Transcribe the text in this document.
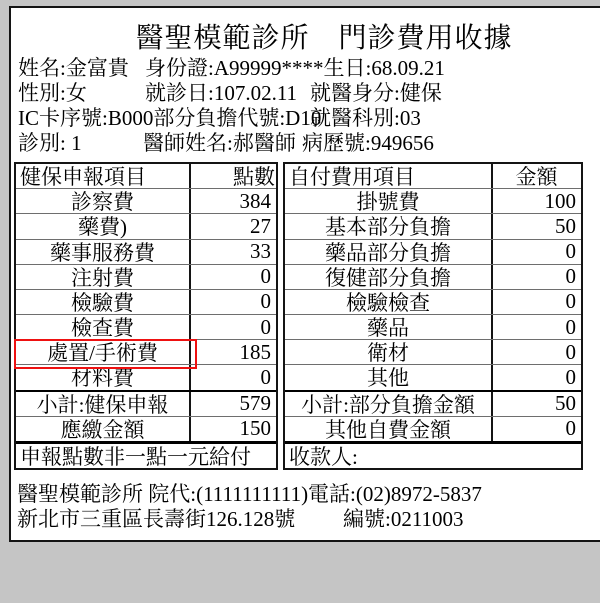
醫聖模範診所　門診費用收據

姓名:金富貴

身份證:A99999****生日:68.09.21

性別:女

	就診日:107.02.11

就醫身分:健保

IC卡序號:B000部分負擔代號:D10

就醫科別:03

診別: 1

	醫師姓名:郝醫師

病歷號:949656

健保申報項目	點數
診察費	384
藥費)	27
藥事服務費	33
注射費	0
檢驗費	0
檢查費	0
處置/手術費	185
材料費	0
小計:健保申報	579
應繳金額	150
申報點數非一點一元給付
自付費用項目	金額
掛號費	100
基本部分負擔	50
藥品部分負擔	0
復健部分負擔	0
檢驗檢查	0
藥品	0
衛材	0
其他	0
小計:部分負擔金額	50
其他自費金額	0
收款人:
醫聖模範診所 院代:(1111111111)電話:(02)8972-5837

新北市三重區長壽街126.128號

編號:0211003
